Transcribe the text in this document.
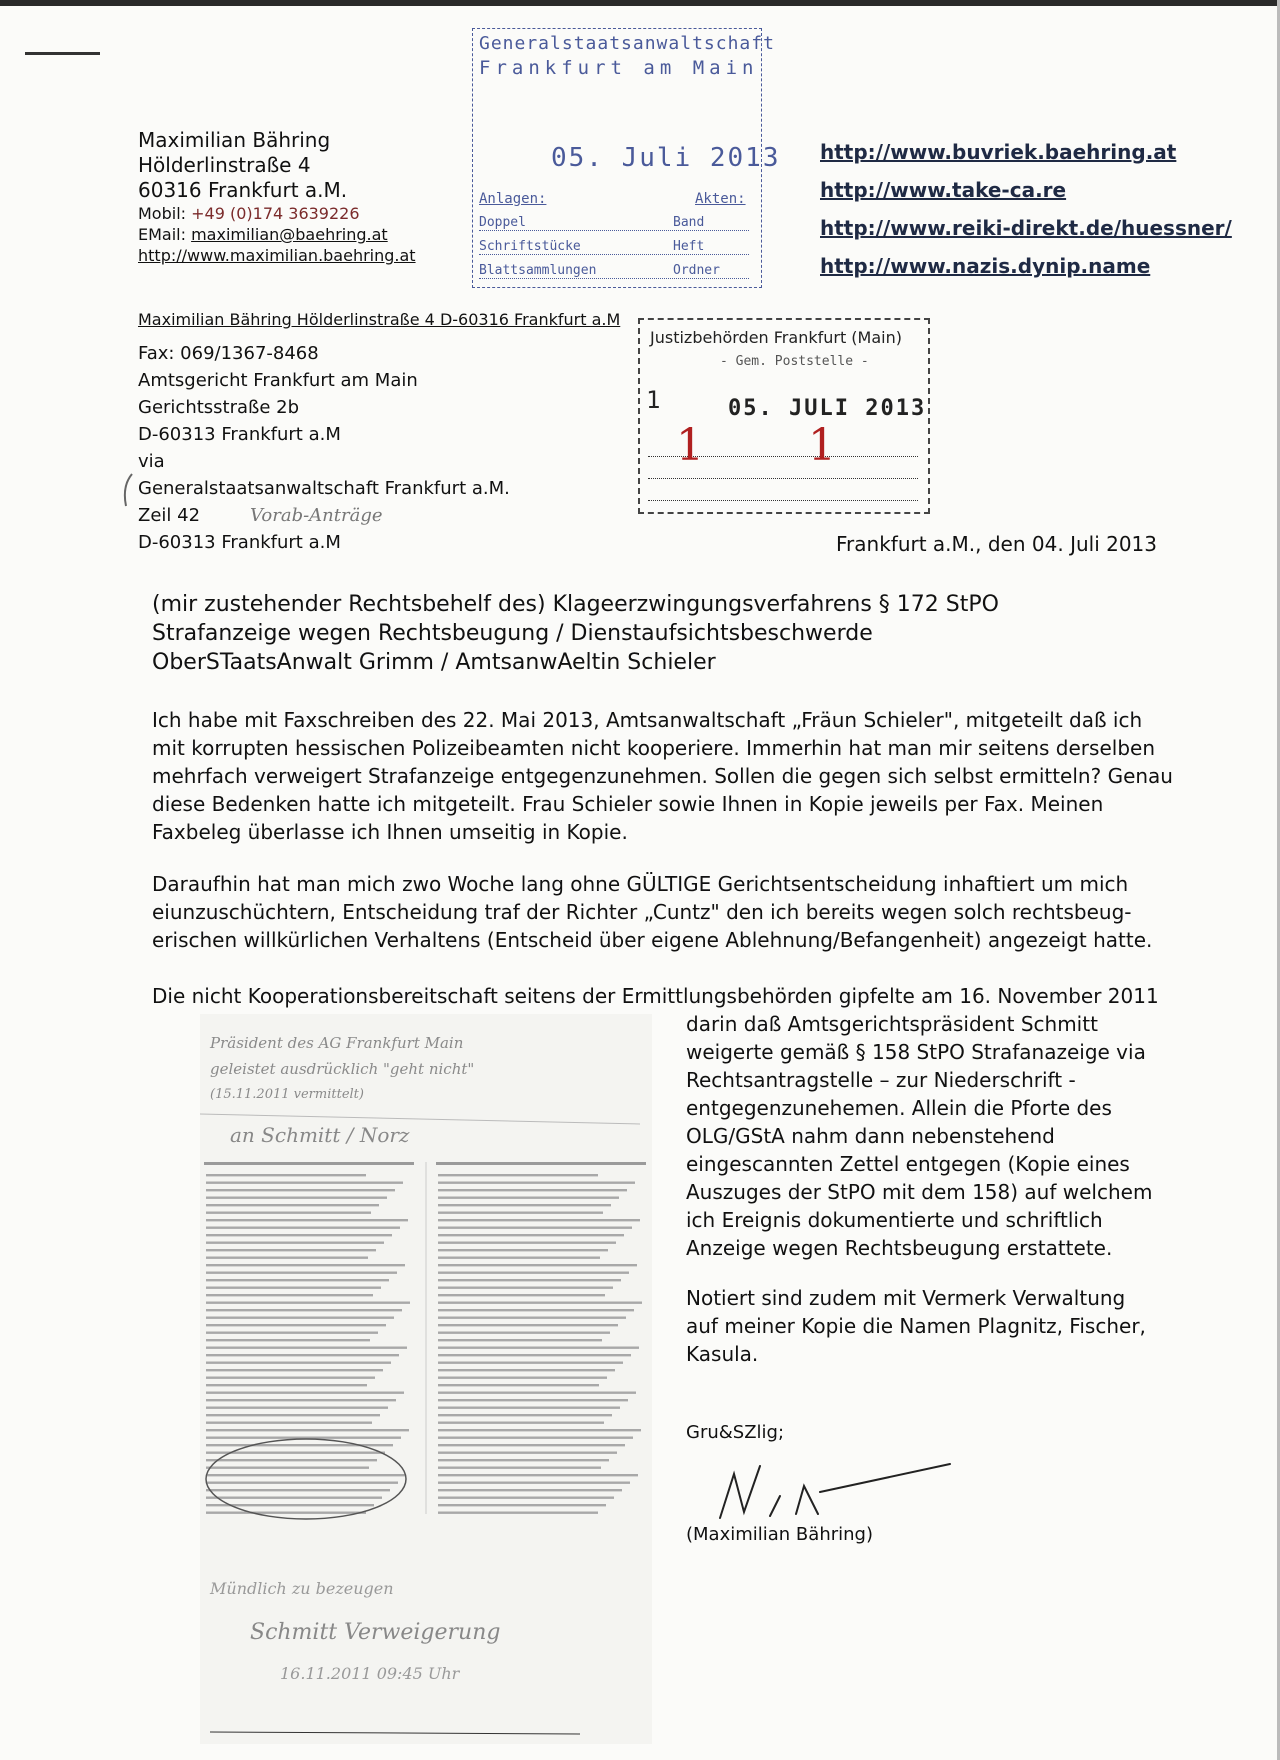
Maximilian Bähring
Hölderlinstraße 4
60316 Frankfurt a.M.
Mobil: +49 (0)174 3639226
EMail: maximilian@baehring.at
http://www.maximilian.baehring.at
http://www.buvriek.baehring.at
http://www.take-ca.re
http://www.reiki-direkt.de/huessner/
http://www.nazis.dynip.name
Generalstaatsanwaltschaft
Frankfurt am Main
05. Juli 2013
Anlagen:	Akten:
Doppel	Band
Schriftstücke	Heft
Blattsammlungen	Ordner
Maximilian Bähring Hölderlinstraße 4 D-60316 Frankfurt a.M
Fax: 069/1367-8468
Amtsgericht Frankfurt am Main
Gerichtsstraße 2b
D-60313 Frankfurt a.M
via
Generalstaatsanwaltschaft Frankfurt a.M.
Zeil 42	Vorab-Anträge
D-60313 Frankfurt a.M
Justizbehörden Frankfurt (Main)
- Gem. Poststelle -
1	05. JULI 2013
1 1
Frankfurt a.M., den 04. Juli 2013
(mir zustehender Rechtsbehelf des) Klageerzwingungsverfahrens § 172 StPO
Strafanzeige wegen Rechtsbeugung / Dienstaufsichtsbeschwerde
OberSTaatsAnwalt Grimm / AmtsanwAeltin Schieler
Ich habe mit Faxschreiben des 22. Mai 2013, Amtsanwaltschaft „Fräun Schieler", mitgeteilt daß ich
mit korrupten hessischen Polizeibeamten nicht kooperiere. Immerhin hat man mir seitens derselben
mehrfach verweigert Strafanzeige entgegenzunehmen. Sollen die gegen sich selbst ermitteln? Genau
diese Bedenken hatte ich mitgeteilt. Frau Schieler sowie Ihnen in Kopie jeweils per Fax. Meinen
Faxbeleg überlasse ich Ihnen umseitig in Kopie.
Daraufhin hat man mich zwo Woche lang ohne GÜLTIGE Gerichtsentscheidung inhaftiert um mich
eiunzuschüchtern, Entscheidung traf der Richter „Cuntz" den ich bereits wegen solch rechtsbeug-
erischen willkürlichen Verhaltens (Entscheid über eigene Ablehnung/Befangenheit) angezeigt hatte.
Die nicht Kooperationsbereitschaft seitens der Ermittlungsbehörden gipfelte am 16. November 2011
Präsident des AG Frankfurt Main
geleistet ausdrücklich "geht nicht"
(15.11.2011 vermittelt)
an Schmitt / Norz
Mündlich zu bezeugen
Schmitt Verweigerung
16.11.2011 09:45 Uhr
darin daß Amtsgerichtspräsident Schmitt
weigerte gemäß § 158 StPO Strafanazeige via
Rechtsantragstelle – zur Niederschrift -
entgegenzunehemen. Allein die Pforte des
OLG/GStA nahm dann nebenstehend
eingescannten Zettel entgegen (Kopie eines
Auszuges der StPO mit dem 158) auf welchem
ich Ereignis dokumentierte und schriftlich
Anzeige wegen Rechtsbeugung erstattete.
Notiert sind zudem mit Vermerk Verwaltung
auf meiner Kopie die Namen Plagnitz, Fischer,
Kasula.
Gru&SZlig;
(Maximilian Bähring)
